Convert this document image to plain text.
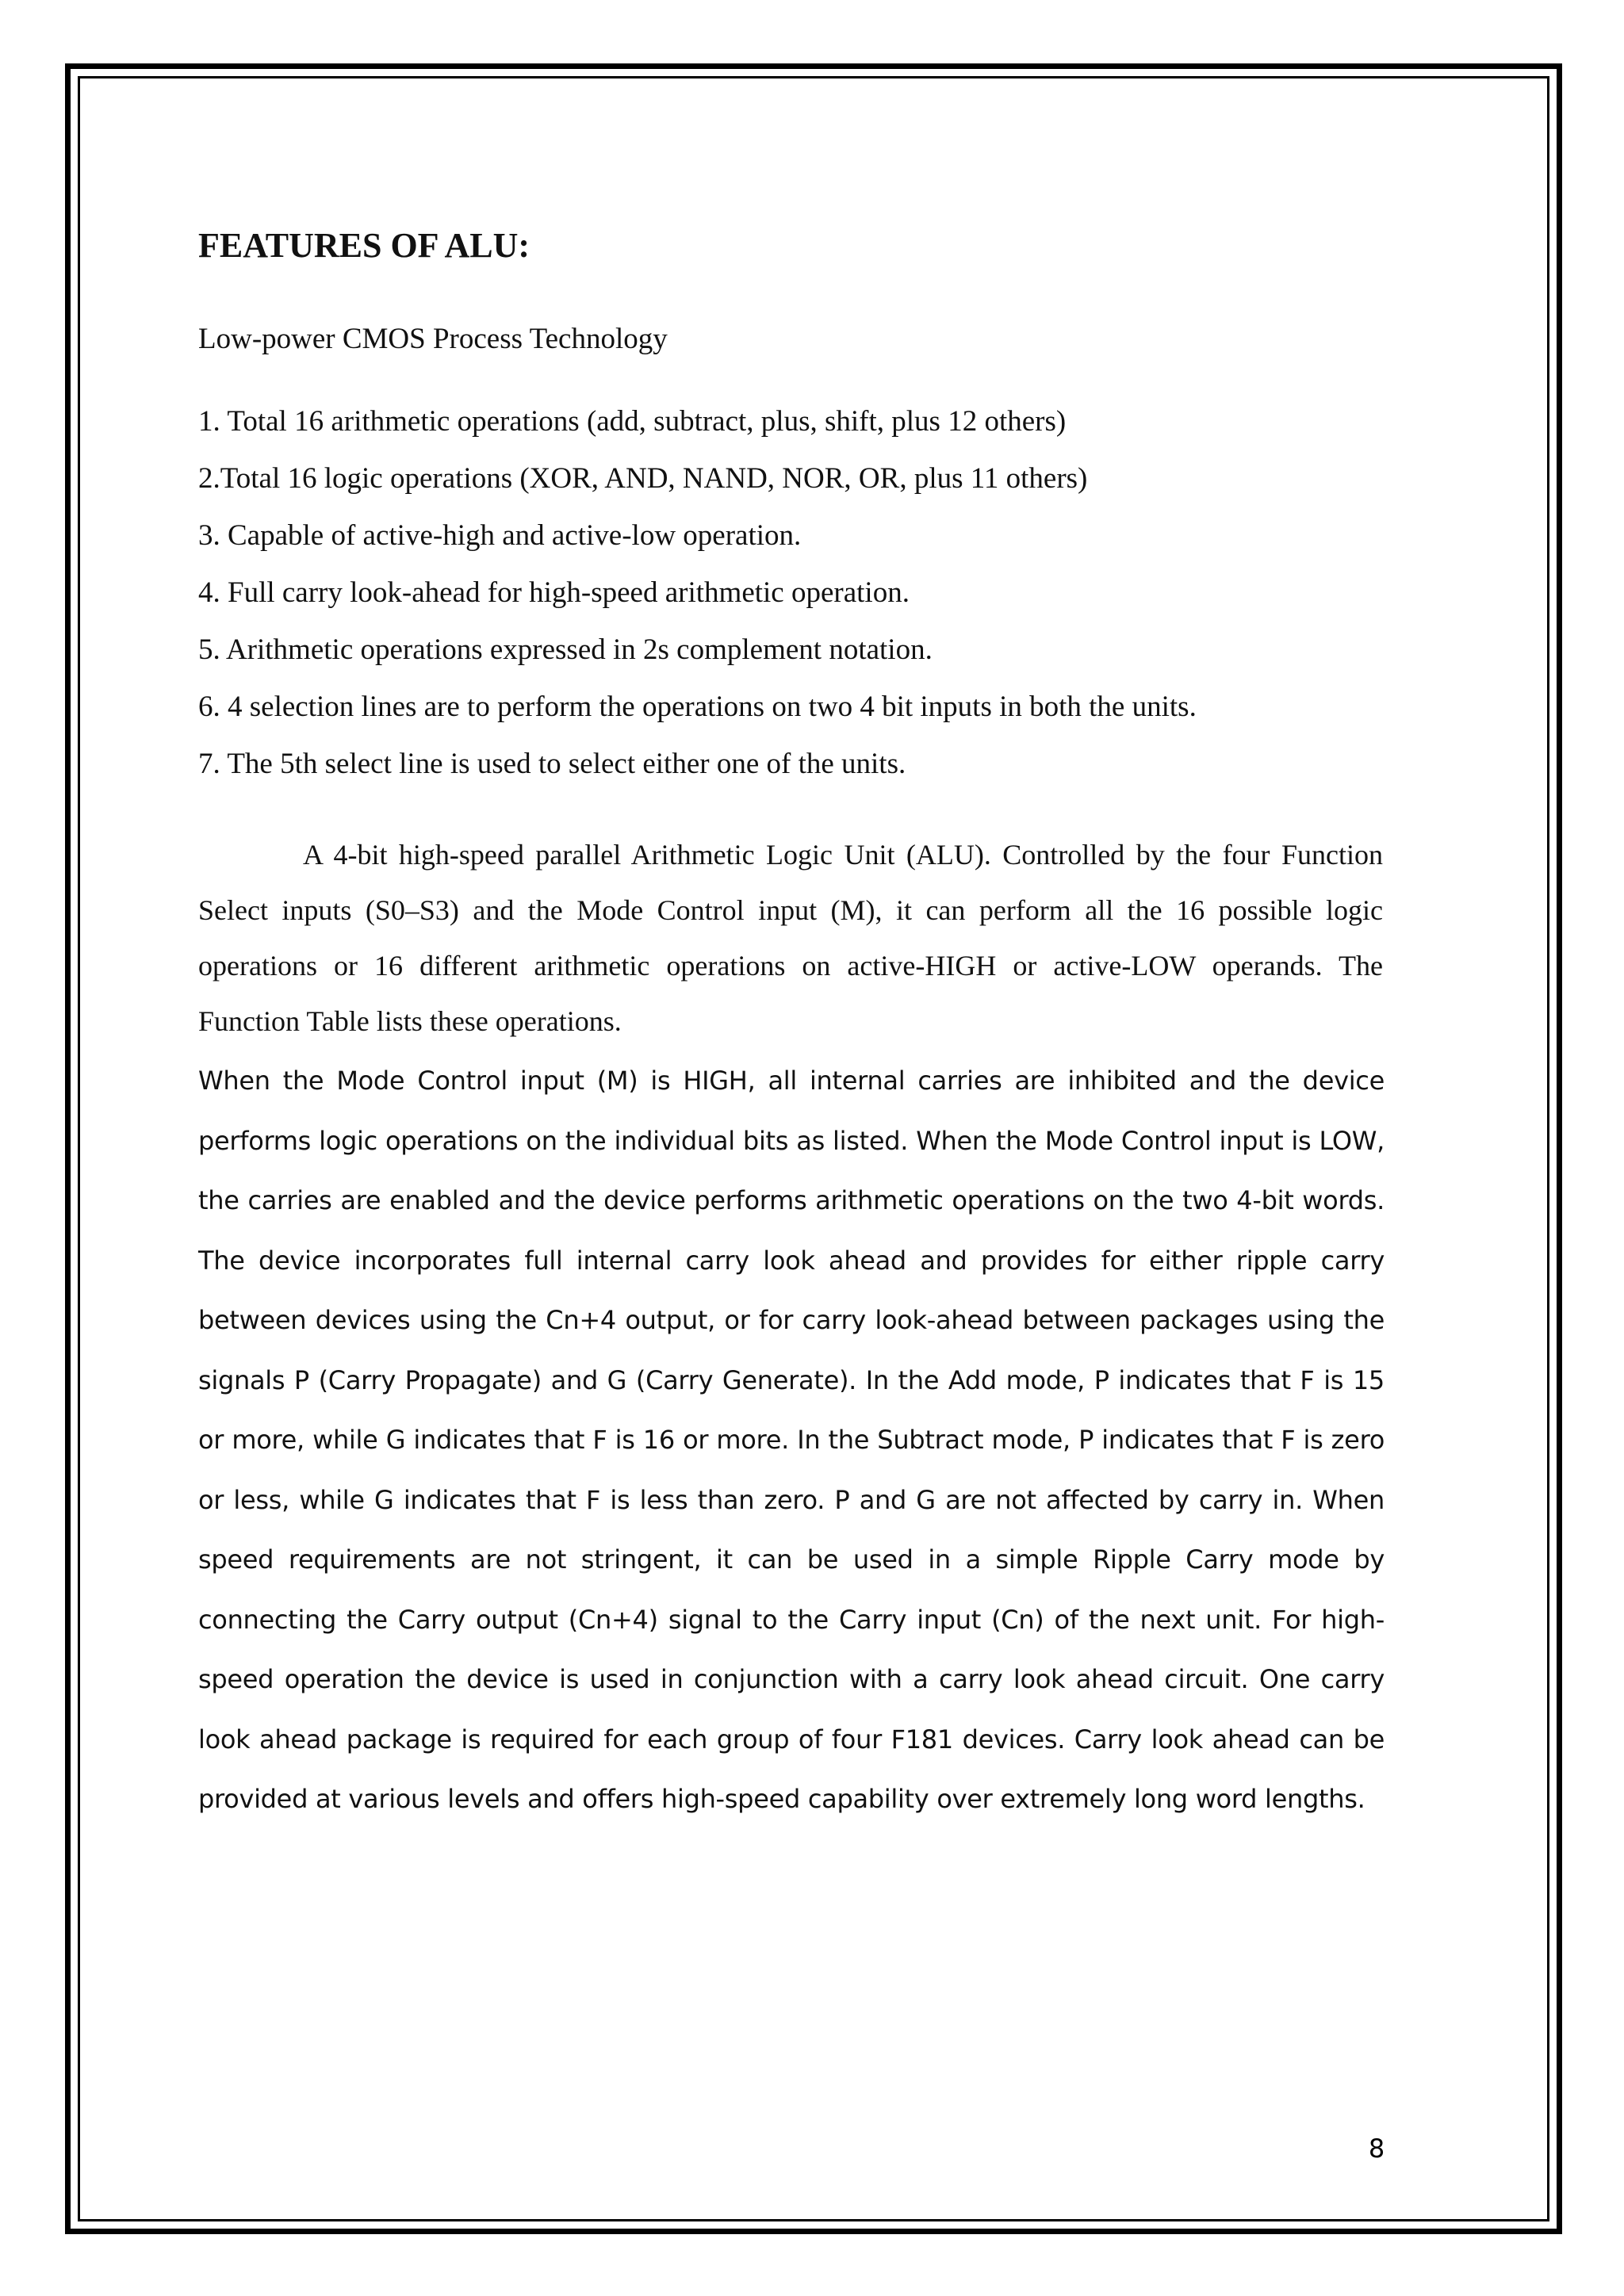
FEATURES OF ALU:

Low-power CMOS Process Technology

1. Total 16 arithmetic operations (add, subtract, plus, shift, plus 12 others)

2.Total 16 logic operations (XOR, AND, NAND, NOR, OR, plus 11 others)

3. Capable of active-high and active-low operation.

4. Full carry look-ahead for high-speed arithmetic operation.

5. Arithmetic operations expressed in 2s complement notation.

6. 4 selection lines are to perform the operations on two 4 bit inputs in both the units.

7. The 5th select line is used to select either one of the units.

A 4-bit high-speed parallel Arithmetic Logic Unit (ALU). Controlled by the four Function Select inputs (S0–S3) and the Mode Control input (M), it can perform all the 16 possible logic operations or 16 different arithmetic operations on active-HIGH or active-LOW operands. The Function Table lists these operations.

When the Mode Control input (M) is HIGH, all internal carries are inhibited and the device performs logic operations on the individual bits as listed. When the Mode Control input is LOW, the carries are enabled and the device performs arithmetic operations on the two 4-bit words. The device incorporates full internal carry look ahead and provides for either ripple carry between devices using the Cn+4 output, or for carry look-ahead between packages using the signals P (Carry Propagate) and G (Carry Generate). In the Add mode, P indicates that F is 15 or more, while G indicates that F is 16 or more. In the Subtract mode, P indicates that F is zero or less, while G indicates that F is less than zero. P and G are not affected by carry in. When speed requirements are not stringent, it can be used in a simple Ripple Carry mode by connecting the Carry output (Cn+4) signal to the Carry input (Cn) of the next unit. For high-speed operation the device is used in conjunction with a carry look ahead circuit. One carry look ahead package is required for each group of four F181 devices. Carry look ahead can be provided at various levels and offers high-speed capability over extremely long word lengths.

8
